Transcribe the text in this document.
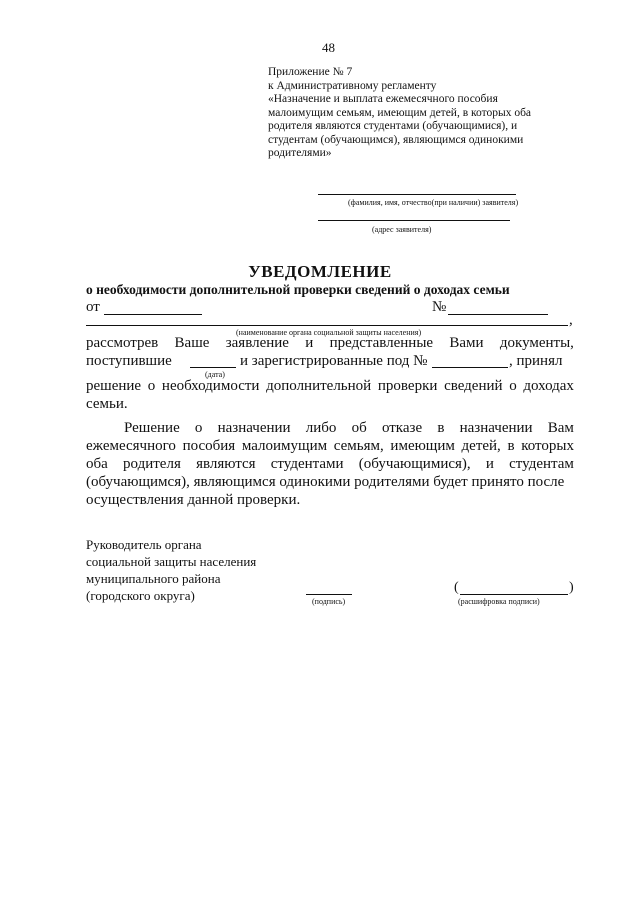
48
Приложение № 7
к Административному регламенту
«Назначение и выплата ежемесячного пособия
малоимущим семьям, имеющим детей, в которых оба
родителя являются студентами (обучающимися), и
студентам (обучающимся), являющимся одинокими
родителями»
(фамилия, имя, отчество(при наличии) заявителя)
(адрес заявителя)
УВЕДОМЛЕНИЕ
о необходимости дополнительной проверки сведений о доходах семьи
от	№
,
(наименование органа социальной защиты населения)
рассмотрев Ваше заявление и представленные Вами документы,
поступившие	и зарегистрированные под №	, принял
(дата)
решение о необходимости дополнительной проверки сведений о доходах
семьи.
Решение о назначении либо об отказе в назначении Вам
ежемесячного пособия малоимущим семьям, имеющим детей, в которых
оба родителя являются студентами (обучающимися), и студентам
(обучающимся), являющимся одинокими родителями будет принято после
осуществления данной проверки.
Руководитель органа
социальной защиты населения
муниципального района
(городского округа)	(подпись)
(	)
(расшифровка подписи)
